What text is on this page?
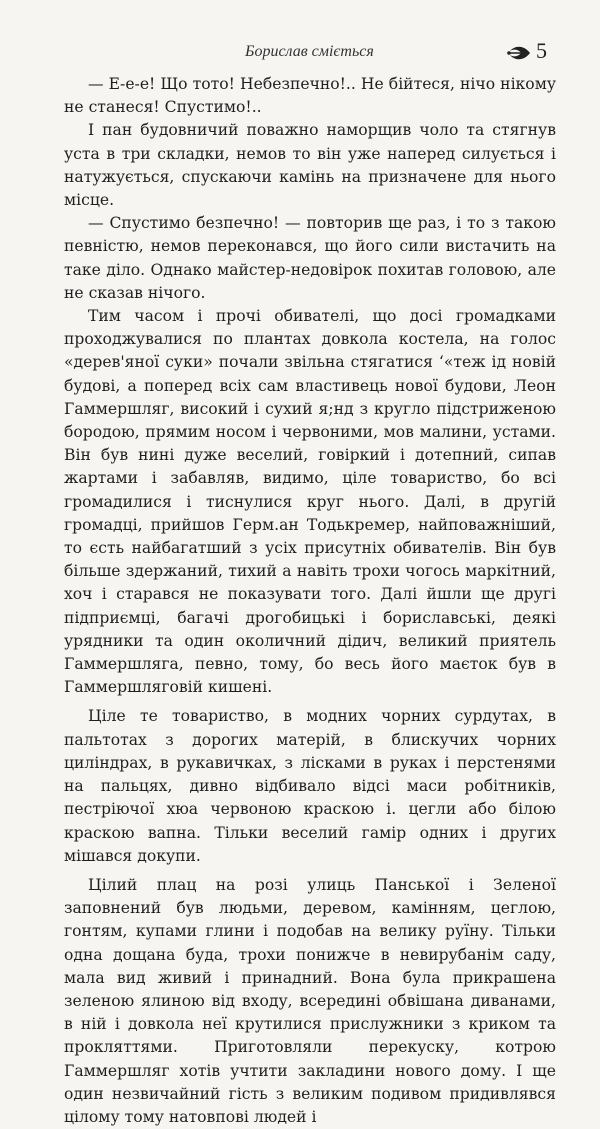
Борислав сміється	5

— Е-е-е! Що тото! Небезпечно!.. Не бійтеся, нічо нікому не станеся! Спустимо!..

І пан будовничий поважно наморщив чоло та стягнув уста в три складки, немов то він уже наперед силується і натужується, спускаючи камінь на призначене для нього місце.

— Спустимо безпечно! — повторив ще раз, і то з такою певністю, немов переконався, що його сили вистачить на таке діло. Однако майстер-недовірок похитав головою, але не сказав нічого.

Тим часом і прочі обивателі, що досі громадками проходжувалися по плантах довкола костела, на голос «дерев'яної суки» почали звільна стягатися ‘«теж ід новій будові, а поперед всіх сам властивець нової будови, Леон Гаммершляг, високий і сухий я;нд з кругло підстриженою бородою, прямим носом і червоними, мов малини, устами. Він був нині дуже веселий, говіркий і дотепний, сипав жартами і забавляв, видимо, ціле товариство, бо всі громадилися і тиснулися круг нього. Далі, в другій громадці, прийшов Герм.ан Тодькремер, найповажніший, то єсть найбагатший з усіх присутніх обивателів. Він був більше здержаний, тихий а навіть трохи чогось маркітний, хоч і старався не показувати того. Далі йшли ще другі підприємці, багачі дрогобицькі і бориславські, деякі урядники та один околичний дідич, великий приятель Гаммершляга, певно, тому, бо весь його маєток був в Гаммершляговій кишені.

Ціле те товариство, в модних чорних сурдутах, в пальтотах з дорогих матерій, в блискучих чорних циліндрах, в рукавичках, з лісками в руках і перстенями на пальцях, дивно відбивало відсі маси робітників, пестріючої хюа червоною краскою і. цегли або білою краскою вапна. Тільки веселий гамір одних і других мішався докупи.

Цілий плац на розі улиць Панської і Зеленої заповнений був людьми, деревом, камінням, цеглою, гонтям, купами глини і подобав на велику руїну. Тільки одна дощана буда, трохи понижче в невирубанім саду, мала вид живий і принадний. Вона була прикрашена зеленою ялиною від входу, всередині обвішана диванами, в ній і довкола неї крутилися прислужники з криком та прокляттями. Приготовляли перекуску, котрою Гаммершляг хотів учтити закладини нового дому. І ще один незвичайний гість з великим подивом придивлявся цілому тому натовпові людей і
